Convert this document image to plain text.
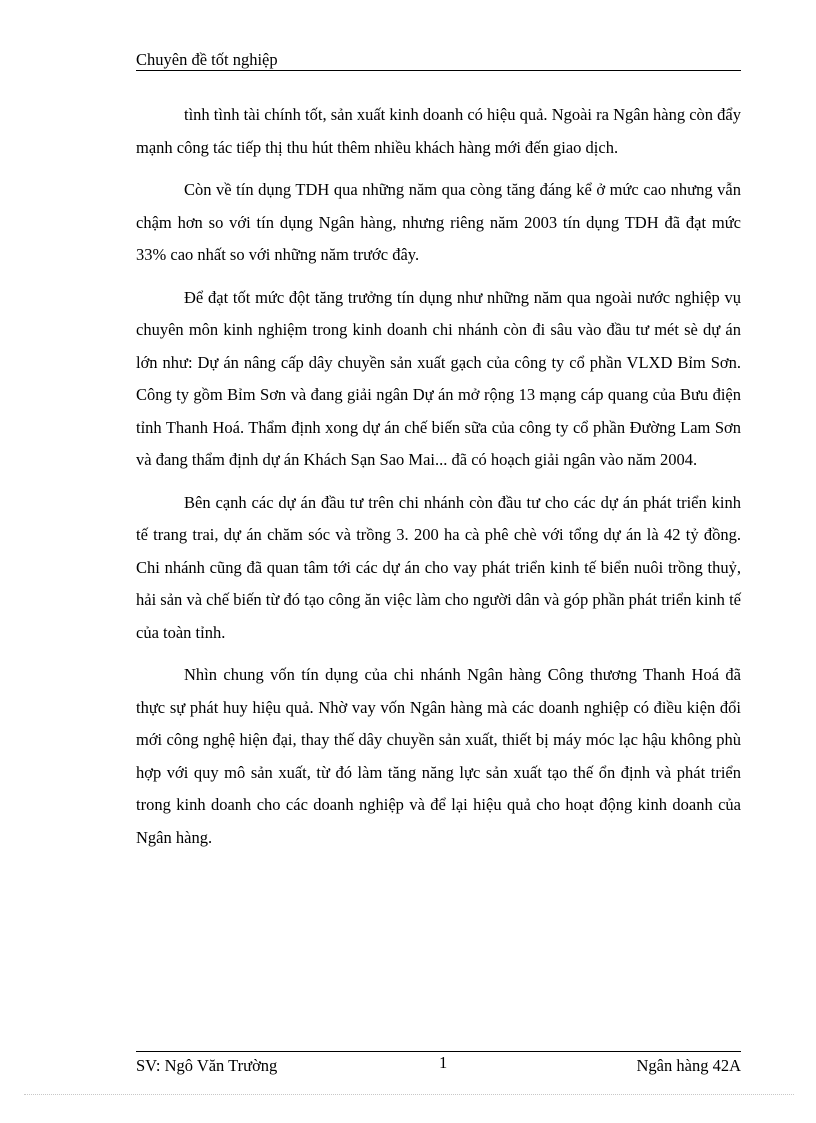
Chuyên đề tốt nghiệp

tình tình tài chính tốt, sản xuất kinh doanh có hiệu quả. Ngoài ra Ngân hàng còn đẩy mạnh công tác tiếp thị thu hút thêm nhiều khách hàng mới đến giao dịch.

Còn về tín dụng TDH qua những năm qua còng tăng đáng kể ở mức cao nhưng vẫn chậm hơn so với tín dụng Ngân hàng, nhưng riêng năm 2003 tín dụng TDH đã đạt mức 33% cao nhất so với những năm trước đây.

Để đạt tốt mức đột tăng trưởng tín dụng như những năm qua ngoài nước nghiệp vụ chuyên môn kinh nghiệm trong kinh doanh chi nhánh còn đi sâu vào đầu tư mét sè dự án lớn như: Dự án nâng cấp dây chuyền sản xuất gạch của công ty cổ phần VLXD Bỉm Sơn. Công ty gồm Bỉm Sơn và đang giải ngân Dự án mở rộng 13 mạng cáp quang của Bưu điện tỉnh Thanh Hoá. Thẩm định xong dự án chế biến sữa của công ty cổ phần Đường Lam Sơn và đang thẩm định dự án Khách Sạn Sao Mai... đã có hoạch giải ngân vào năm 2004.

Bên cạnh các dự án đầu tư trên chi nhánh còn đầu tư cho các dự án phát triển kinh tế trang trai, dự án chăm sóc và trồng 3. 200 ha cà phê chè với tổng dự án là 42 tỷ đồng. Chi nhánh cũng đã quan tâm tới các dự án cho vay phát triển kinh tế biển nuôi trồng thuỷ, hải sản và chế biến từ đó tạo công ăn việc làm cho người dân và góp phần phát triển kinh tế của toàn tỉnh.

Nhìn chung vốn tín dụng của chi nhánh Ngân hàng Công thương Thanh Hoá đã thực sự phát huy hiệu quả. Nhờ vay vốn Ngân hàng mà các doanh nghiệp có điều kiện đổi mới công nghệ hiện đại, thay thế dây chuyền sản xuất, thiết bị máy móc lạc hậu không phù hợp với quy mô sản xuất, từ đó làm tăng năng lực sản xuất tạo thế ổn định và phát triển trong kinh doanh cho các doanh nghiệp và để lại hiệu quả cho hoạt động kinh doanh của Ngân hàng.

SV: Ngô Văn Trường	1	Ngân hàng 42A
